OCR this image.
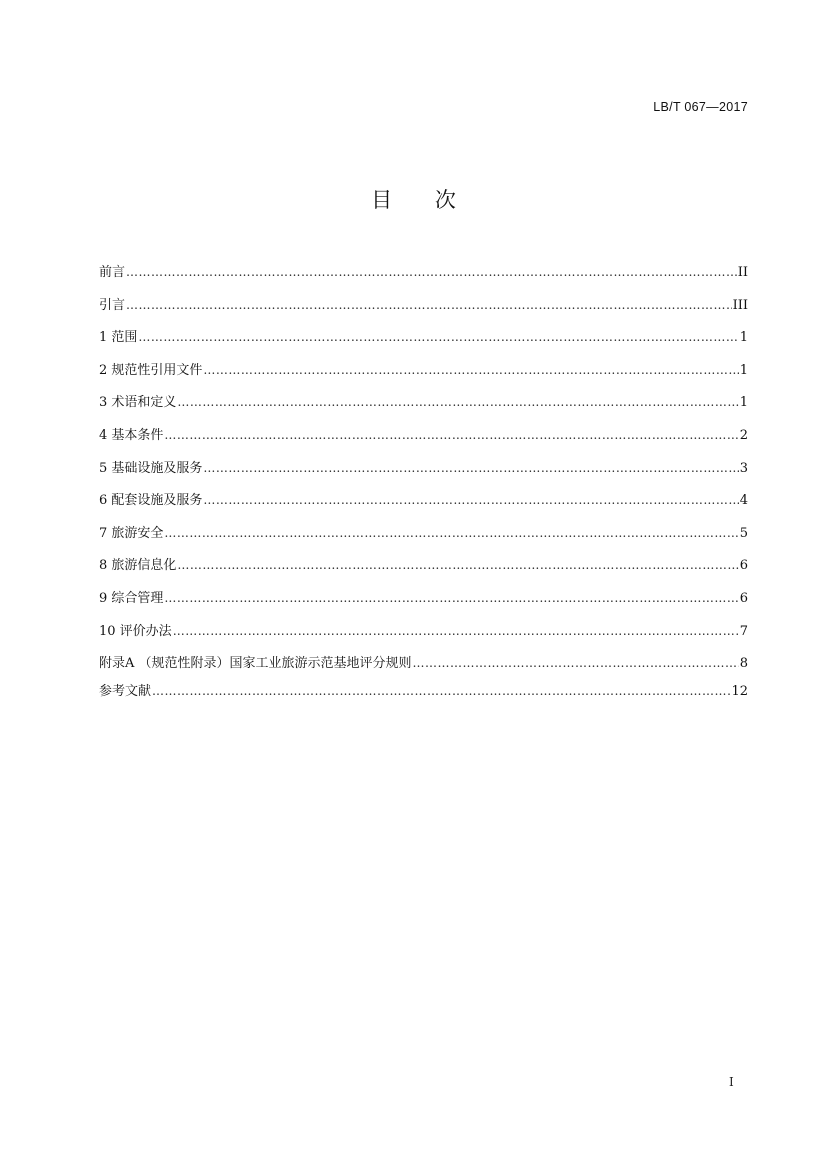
LB/T 067—2017
目 次
前言 ………………………………………………………………………………………………………………………………………………………………………………………………………………………………………………………………	II
引言 ………………………………………………………………………………………………………………………………………………………………………………………………………………………………………………………………	III
1 范围 ………………………………………………………………………………………………………………………………………………………………………………………………………………………………………………………………	1
2 规范性引用文件 ………………………………………………………………………………………………………………………………………………………………………………………………………………………………………………………………	1
3 术语和定义 ………………………………………………………………………………………………………………………………………………………………………………………………………………………………………………………………	1
4 基本条件 ………………………………………………………………………………………………………………………………………………………………………………………………………………………………………………………………	2
5 基础设施及服务 ………………………………………………………………………………………………………………………………………………………………………………………………………………………………………………………………	3
6 配套设施及服务 ………………………………………………………………………………………………………………………………………………………………………………………………………………………………………………………………	4
7 旅游安全 ………………………………………………………………………………………………………………………………………………………………………………………………………………………………………………………………	5
8 旅游信息化 ………………………………………………………………………………………………………………………………………………………………………………………………………………………………………………………………	6
9 综合管理 ………………………………………………………………………………………………………………………………………………………………………………………………………………………………………………………………	6
10 评价办法 ………………………………………………………………………………………………………………………………………………………………………………………………………………………………………………………………	7
附录A （规范性附录）国家工业旅游示范基地评分规则 ………………………………………………………………………………………………………………………………………………………………………………………………………………………………………………………………	8
参考文献 ………………………………………………………………………………………………………………………………………………………………………………………………………………………………………………………………	12
I
